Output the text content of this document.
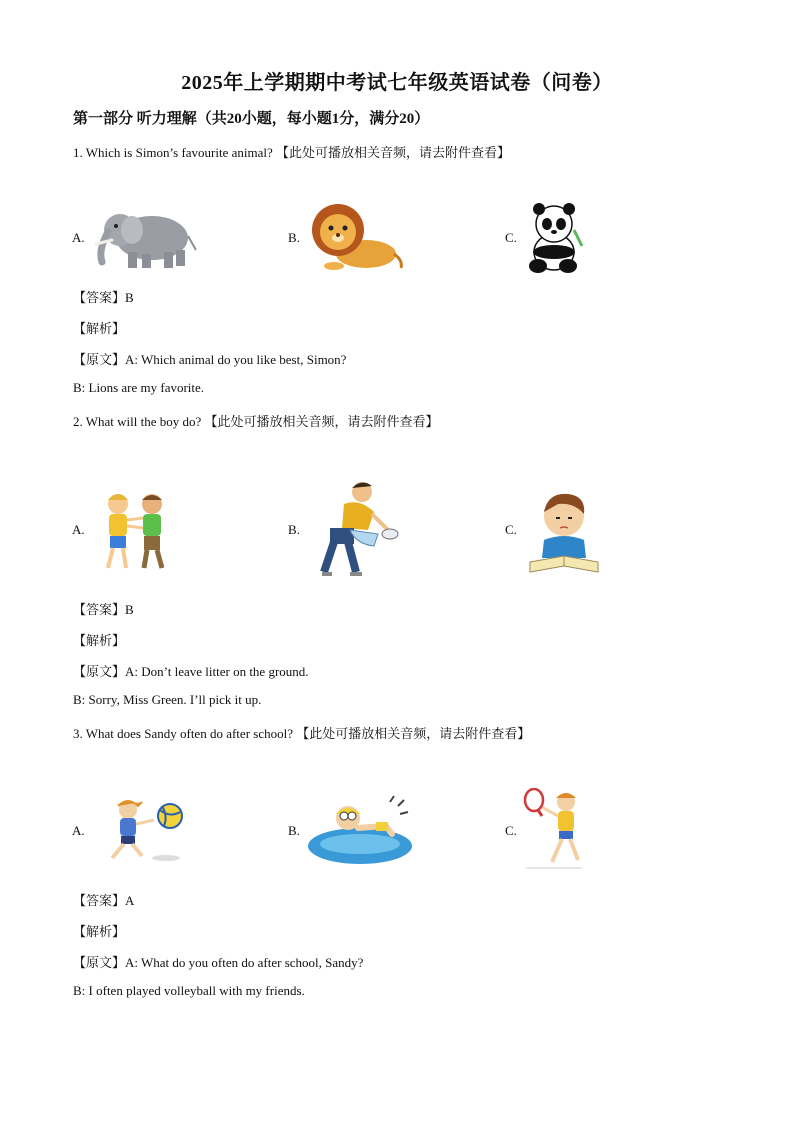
2025年上学期期中考试七年级英语试卷（问卷）
第一部分 听力理解（共20小题，每小题1分，满分20）
1. Which is Simon’s favourite animal? 【此处可播放相关音频，请去附件查看】
A.	B.	C.
【答案】B
【解析】
【原文】A: Which animal do you like best, Simon?
B: Lions are my favorite.
2. What will the boy do? 【此处可播放相关音频，请去附件查看】
A.	B.	C.
【答案】B
【解析】
【原文】A: Don’t leave litter on the ground.
B: Sorry, Miss Green. I’ll pick it up.
3. What does Sandy often do after school? 【此处可播放相关音频，请去附件查看】
A.	B.	C.
【答案】A
【解析】
【原文】A: What do you often do after school, Sandy?
B: I often played volleyball with my friends.
